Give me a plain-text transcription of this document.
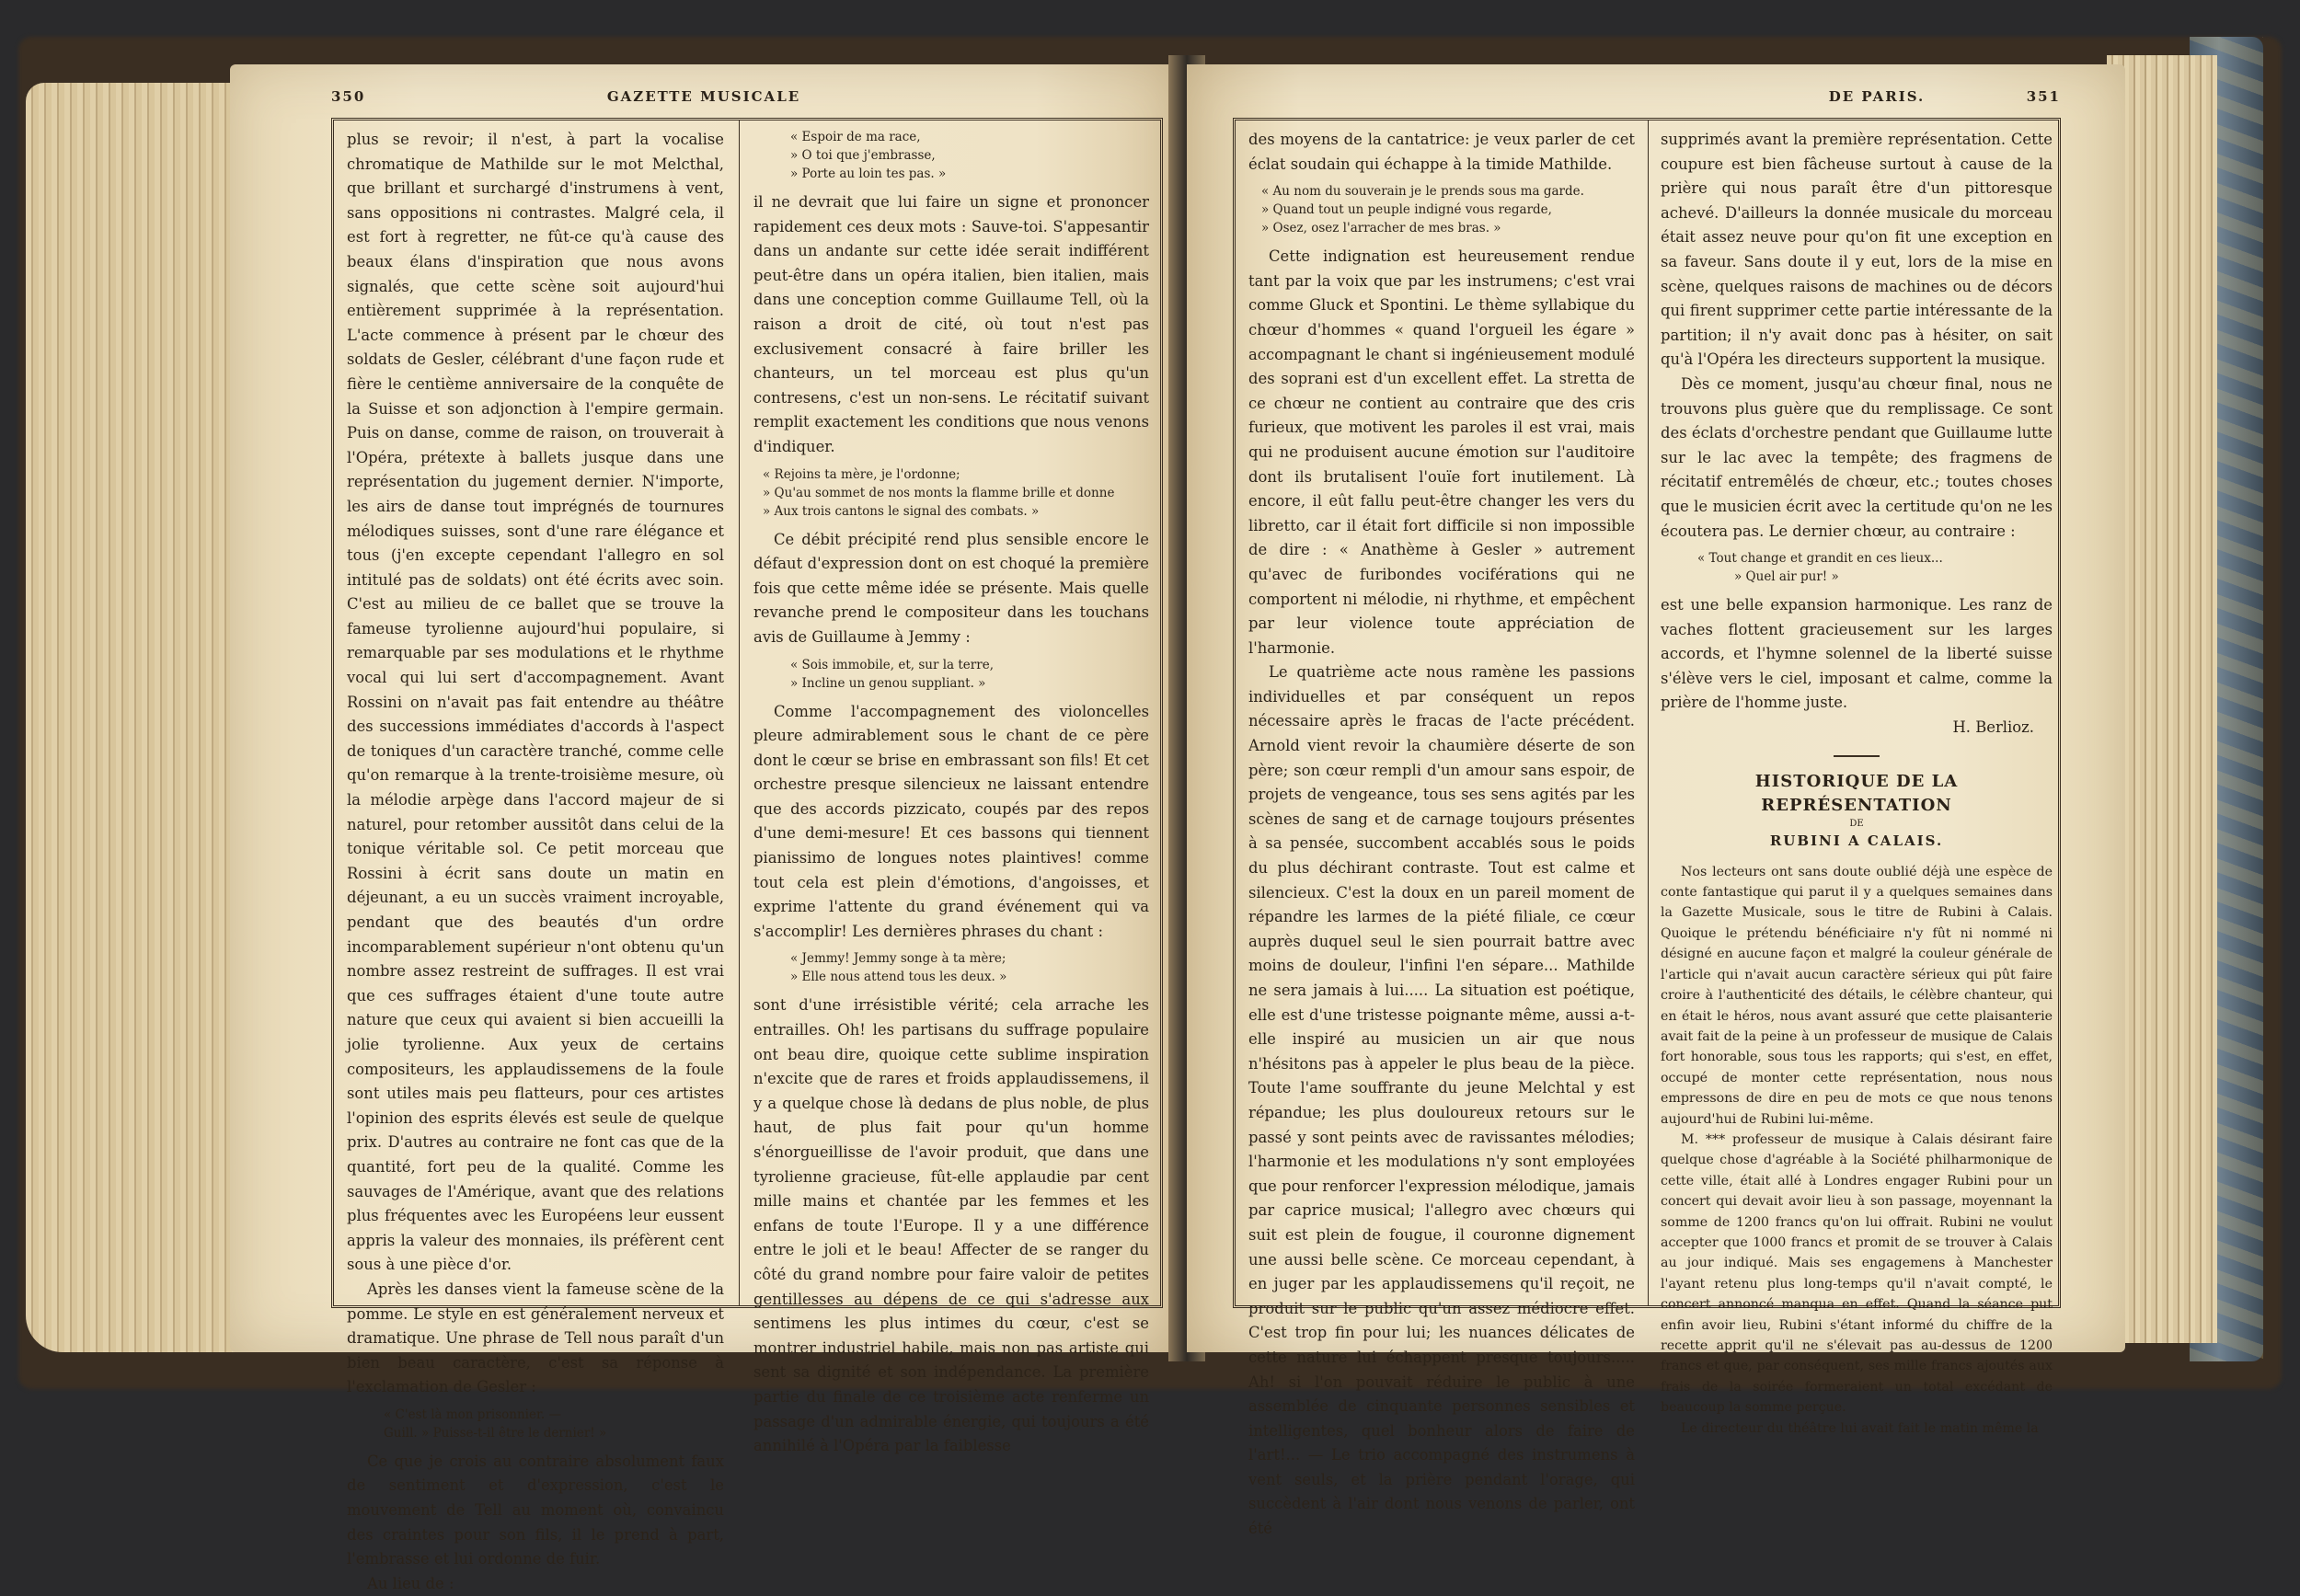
350	GAZETTE MUSICALE

plus se revoir; il n'est, à part la vocalise chromatique de Mathilde sur le mot Melcthal, que brillant et surchargé d'instrumens à vent, sans oppositions ni contrastes. Malgré cela, il est fort à regretter, ne fût-ce qu'à cause des beaux élans d'inspiration que nous avons signalés, que cette scène soit aujourd'hui entièrement supprimée à la représentation. L'acte commence à présent par le chœur des soldats de Gesler, célébrant d'une façon rude et fière le centième anniversaire de la conquête de la Suisse et son adjonction à l'empire germain. Puis on danse, comme de raison, on trouverait à l'Opéra, prétexte à ballets jusque dans une représentation du jugement dernier. N'importe, les airs de danse tout imprégnés de tournures mélodiques suisses, sont d'une rare élégance et tous (j'en excepte cependant l'allegro en sol intitulé pas de soldats) ont été écrits avec soin. C'est au milieu de ce ballet que se trouve la fameuse tyrolienne aujourd'hui populaire, si remarquable par ses modulations et le rhythme vocal qui lui sert d'accompagnement. Avant Rossini on n'avait pas fait entendre au théâtre des successions immédiates d'accords à l'aspect de toniques d'un caractère tranché, comme celle qu'on remarque à la trente-troisième mesure, où la mélodie arpège dans l'accord majeur de si naturel, pour retomber aussitôt dans celui de la tonique véritable sol. Ce petit morceau que Rossini à écrit sans doute un matin en déjeunant, a eu un succès vraiment incroyable, pendant que des beautés d'un ordre incomparablement supérieur n'ont obtenu qu'un nombre assez restreint de suffrages. Il est vrai que ces suffrages étaient d'une toute autre nature que ceux qui avaient si bien accueilli la jolie tyrolienne. Aux yeux de certains compositeurs, les applaudissemens de la foule sont utiles mais peu flatteurs, pour ces artistes l'opinion des esprits élevés est seule de quelque prix. D'autres au contraire ne font cas que de la quantité, fort peu de la qualité. Comme les sauvages de l'Amérique, avant que des relations plus fréquentes avec les Européens leur eussent appris la valeur des monnaies, ils préfèrent cent sous à une pièce d'or.

Après les danses vient la fameuse scène de la pomme. Le style en est généralement nerveux et dramatique. Une phrase de Tell nous paraît d'un bien beau caractère, c'est sa réponse à l'exclamation de Gesler :

« C'est là mon prisonnier. —
Guill. » Puisse-t-il être le dernier! »

Ce que je crois au contraire absolument faux de sentiment et d'expression, c'est le mouvement de Tell au moment où, convaincu des craintes pour son fils, il le prend à part, l'embrasse et lui ordonne de fuir.

Au lieu de :

« Espoir de ma race,
» O toi que j'embrasse,
» Porte au loin tes pas. »

il ne devrait que lui faire un signe et prononcer rapidement ces deux mots : Sauve-toi. S'appesantir dans un andante sur cette idée serait indifférent peut-être dans un opéra italien, bien italien, mais dans une conception comme Guillaume Tell, où la raison a droit de cité, où tout n'est pas exclusivement consacré à faire briller les chanteurs, un tel morceau est plus qu'un contresens, c'est un non-sens. Le récitatif suivant remplit exactement les conditions que nous venons d'indiquer.

« Rejoins ta mère, je l'ordonne;
» Qu'au sommet de nos monts la flamme brille et donne
» Aux trois cantons le signal des combats. »

Ce débit précipité rend plus sensible encore le défaut d'expression dont on est choqué la première fois que cette même idée se présente. Mais quelle revanche prend le compositeur dans les touchans avis de Guillaume à Jemmy :

« Sois immobile, et, sur la terre,
» Incline un genou suppliant. »

Comme l'accompagnement des violoncelles pleure admirablement sous le chant de ce père dont le cœur se brise en embrassant son fils! Et cet orchestre presque silencieux ne laissant entendre que des accords pizzicato, coupés par des repos d'une demi-mesure! Et ces bassons qui tiennent pianissimo de longues notes plaintives! comme tout cela est plein d'émotions, d'angoisses, et exprime l'attente du grand événement qui va s'accomplir! Les dernières phrases du chant :

« Jemmy! Jemmy songe à ta mère;
» Elle nous attend tous les deux. »

sont d'une irrésistible vérité; cela arrache les entrailles. Oh! les partisans du suffrage populaire ont beau dire, quoique cette sublime inspiration n'excite que de rares et froids applaudissemens, il y a quelque chose là dedans de plus noble, de plus haut, de plus fait pour qu'un homme s'énorgueillisse de l'avoir produit, que dans une tyrolienne gracieuse, fût-elle applaudie par cent mille mains et chantée par les femmes et les enfans de toute l'Europe. Il y a une différence entre le joli et le beau! Affecter de se ranger du côté du grand nombre pour faire valoir de petites gentillesses au dépens de ce qui s'adresse aux sentimens les plus intimes du cœur, c'est se montrer industriel habile, mais non pas artiste qui sent sa dignité et son indépendance. La première partie du finale de ce troisième acte renferme un passage d'un admirable énergie, qui toujours a été annihilé à l'Opéra par la faiblesse

DE PARIS.	351

des moyens de la cantatrice: je veux parler de cet éclat soudain qui échappe à la timide Mathilde.

« Au nom du souverain je le prends sous ma garde.
» Quand tout un peuple indigné vous regarde,
» Osez, osez l'arracher de mes bras. »

Cette indignation est heureusement rendue tant par la voix que par les instrumens; c'est vrai comme Gluck et Spontini. Le thème syllabique du chœur d'hommes « quand l'orgueil les égare » accompagnant le chant si ingénieusement modulé des soprani est d'un excellent effet. La stretta de ce chœur ne contient au contraire que des cris furieux, que motivent les paroles il est vrai, mais qui ne produisent aucune émotion sur l'auditoire dont ils brutalisent l'ouïe fort inutilement. Là encore, il eût fallu peut-être changer les vers du libretto, car il était fort difficile si non impossible de dire : « Anathème à Gesler » autrement qu'avec de furibondes vociférations qui ne comportent ni mélodie, ni rhythme, et empêchent par leur violence toute appréciation de l'harmonie.

Le quatrième acte nous ramène les passions individuelles et par conséquent un repos nécessaire après le fracas de l'acte précédent. Arnold vient revoir la chaumière déserte de son père; son cœur rempli d'un amour sans espoir, de projets de vengeance, tous ses sens agités par les scènes de sang et de carnage toujours présentes à sa pensée, succombent accablés sous le poids du plus déchirant contraste. Tout est calme et silencieux. C'est la doux en un pareil moment de répandre les larmes de la piété filiale, ce cœur auprès duquel seul le sien pourrait battre avec moins de douleur, l'infini l'en sépare... Mathilde ne sera jamais à lui..... La situation est poétique, elle est d'une tristesse poignante même, aussi a-t-elle inspiré au musicien un air que nous n'hésitons pas à appeler le plus beau de la pièce. Toute l'ame souffrante du jeune Melchtal y est répandue; les plus douloureux retours sur le passé y sont peints avec de ravissantes mélodies; l'harmonie et les modulations n'y sont employées que pour renforcer l'expression mélodique, jamais par caprice musical; l'allegro avec chœurs qui suit est plein de fougue, il couronne dignement une aussi belle scène. Ce morceau cependant, à en juger par les applaudissemens qu'il reçoit, ne produit sur le public qu'un assez médiocre effet. C'est trop fin pour lui; les nuances délicates de cette nature lui échappent presque toujours..... Ah! si l'on pouvait réduire le public à une assemblée de cinquante personnes sensibles et intelligentes, quel bonheur alors de faire de l'art!... — Le trio accompagné des instrumens à vent seuls, et la prière pendant l'orage, qui succèdent à l'air dont nous venons de parler, ont été

supprimés avant la première représentation. Cette coupure est bien fâcheuse surtout à cause de la prière qui nous paraît être d'un pittoresque achevé. D'ailleurs la donnée musicale du morceau était assez neuve pour qu'on fit une exception en sa faveur. Sans doute il y eut, lors de la mise en scène, quelques raisons de machines ou de décors qui firent supprimer cette partie intéressante de la partition; il n'y avait donc pas à hésiter, on sait qu'à l'Opéra les directeurs supportent la musique.

Dès ce moment, jusqu'au chœur final, nous ne trouvons plus guère que du remplissage. Ce sont des éclats d'orchestre pendant que Guillaume lutte sur le lac avec la tempête; des fragmens de récitatif entremêlés de chœur, etc.; toutes choses que le musicien écrit avec la certitude qu'on ne les écoutera pas. Le dernier chœur, au contraire :

« Tout change et grandit en ces lieux...
» Quel air pur! »

est une belle expansion harmonique. Les ranz de vaches flottent gracieusement sur les larges accords, et l'hymne solennel de la liberté suisse s'élève vers le ciel, imposant et calme, comme la prière de l'homme juste.

H. Berlioz.
HISTORIQUE DE LA REPRÉSENTATION
DE
RUBINI A CALAIS.

Nos lecteurs ont sans doute oublié déjà une espèce de conte fantastique qui parut il y a quelques semaines dans la Gazette Musicale, sous le titre de Rubini à Calais. Quoique le prétendu bénéficiaire n'y fût ni nommé ni désigné en aucune façon et malgré la couleur générale de l'article qui n'avait aucun caractère sérieux qui pût faire croire à l'authenticité des détails, le célèbre chanteur, qui en était le héros, nous avant assuré que cette plaisanterie avait fait de la peine à un professeur de musique de Calais fort honorable, sous tous les rapports; qui s'est, en effet, occupé de monter cette représentation, nous nous empressons de dire en peu de mots ce que nous tenons aujourd'hui de Rubini lui-même.

M. *** professeur de musique à Calais désirant faire quelque chose d'agréable à la Société philharmonique de cette ville, était allé à Londres engager Rubini pour un concert qui devait avoir lieu à son passage, moyennant la somme de 1200 francs qu'on lui offrait. Rubini ne voulut accepter que 1000 francs et promit de se trouver à Calais au jour indiqué. Mais ses engagemens à Manchester l'ayant retenu plus long-temps qu'il n'avait compté, le concert annoncé manqua en effet. Quand la séance put enfin avoir lieu, Rubini s'étant informé du chiffre de la recette apprit qu'il ne s'élevait pas au-dessus de 1200 francs et que, par conséquent, ses mille francs ajoutés aux frais de la soirée formeraient un total excédant de beaucoup la somme perçue.

Le directeur du théâtre lui avait fait le matin même la
